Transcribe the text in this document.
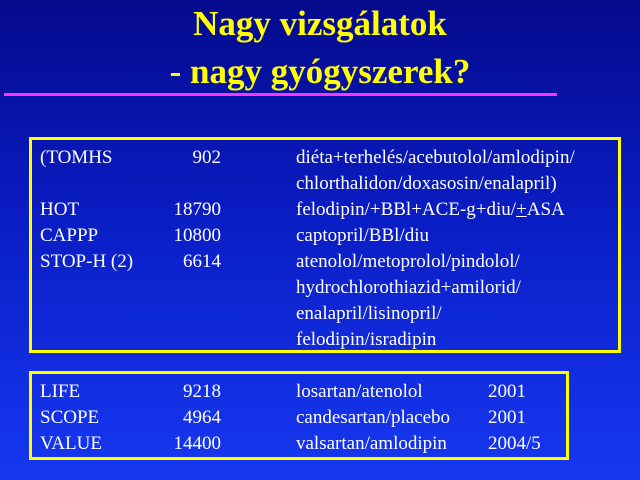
Nagy vizsgálatok
- nagy gyógyszerek?
(TOMHS	902	diéta+terhelés/acebutolol/amlodipin/
chlorthalidon/doxasosin/enalapril)
HOT	18790	felodipin/+BBl+ACE-g+diu/+ASA
CAPPP	10800	captopril/BBl/diu
STOP-H (2)	6614	atenolol/metoprolol/pindolol/
hydrochlorothiazid+amilorid/
enalapril/lisinopril/
felodipin/isradipin
LIFE	9218	losartan/atenolol	2001
SCOPE	4964	candesartan/placebo 2001
VALUE	14400	valsartan/amlodipin 2004/5
